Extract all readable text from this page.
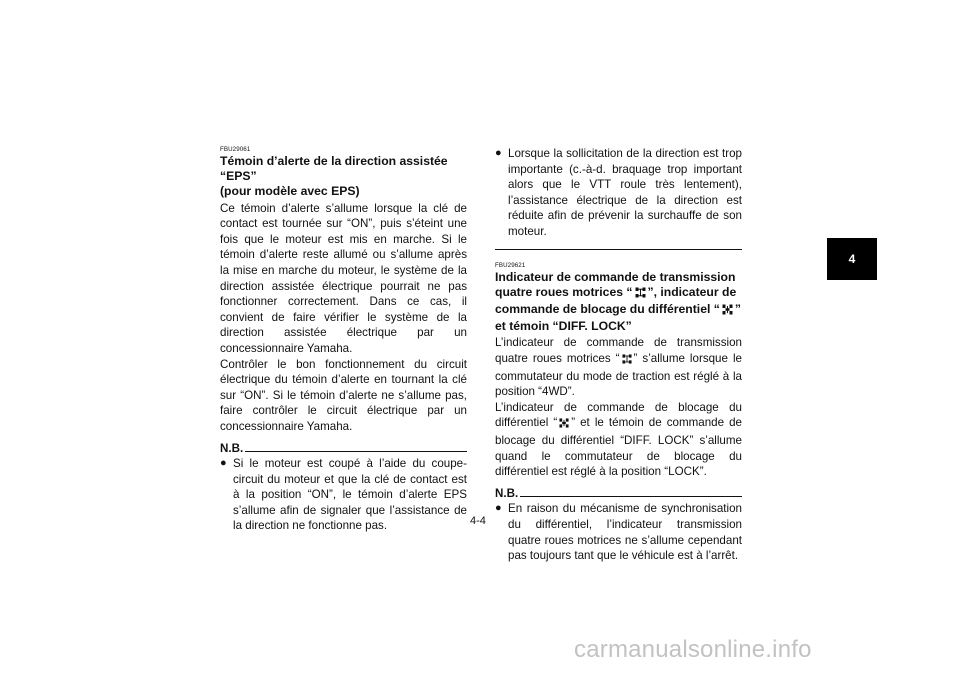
FBU29061
Témoin d’alerte de la direction assistée “EPS”
(pour modèle avec EPS)

Ce témoin d’alerte s’allume lorsque la clé de contact est tournée sur “ON”, puis s’éteint une fois que le moteur est mis en marche. Si le témoin d’alerte reste allumé ou s’allume après la mise en marche du moteur, le système de la direction assistée électrique pourrait ne pas fonctionner correctement. Dans ce cas, il convient de faire vérifier le système de la direction assistée électrique par un concessionnaire Yamaha.

Contrôler le bon fonctionnement du circuit électrique du témoin d’alerte en tournant la clé sur “ON”. Si le témoin d’alerte ne s’allume pas, faire contrôler le circuit électrique par un concessionnaire Yamaha.

N.B.
● Si le moteur est coupé à l’aide du coupe-circuit du moteur et que la clé de contact est à la position “ON”, le témoin d’alerte EPS s’allume afin de signaler que l’assistance de la direction ne fonctionne pas.
● Lorsque la sollicitation de la direction est trop importante (c.-à-d. braquage trop important alors que le VTT roule très lentement), l’assistance électrique de la direction est réduite afin de prévenir la surchauffe de son moteur.
FBU29621
Indicateur de commande de transmission quatre roues motrices “ ”, indicateur de commande de blocage du différentiel “ ” et témoin “DIFF. LOCK”

L’indicateur de commande de transmission quatre roues motrices “ ” s’allume lorsque le commutateur du mode de traction est réglé à la position “4WD”.

L’indicateur de commande de blocage du différentiel “ ” et le témoin de commande de blocage du différentiel “DIFF. LOCK” s’allume quand le commutateur de blocage du différentiel est réglé à la position “LOCK”.

N.B.
● En raison du mécanisme de synchronisation du différentiel, l’indicateur transmission quatre roues motrices ne s’allume cependant pas toujours tant que le véhicule est à l’arrêt.
4
4-4
carmanualsonline.info
